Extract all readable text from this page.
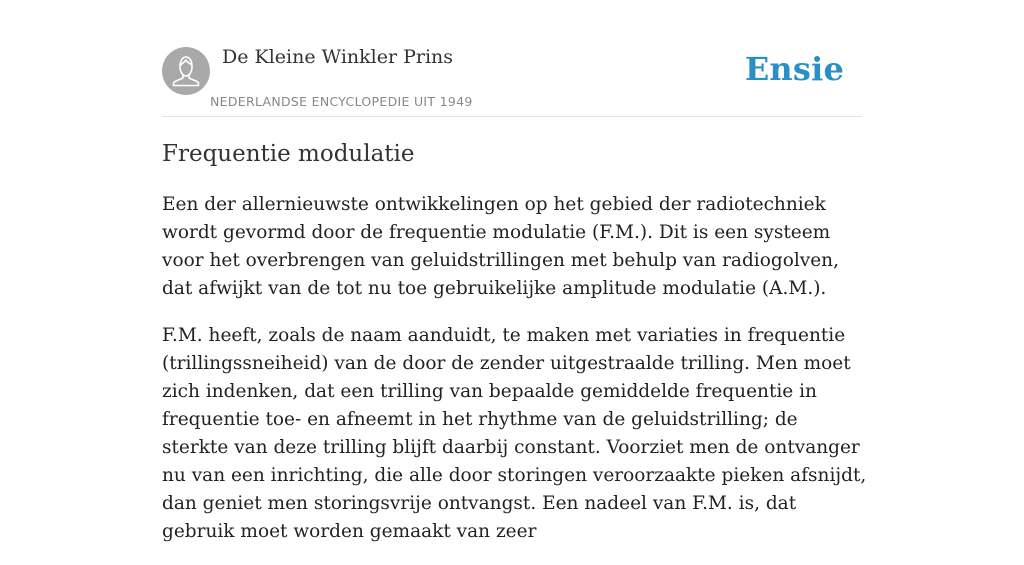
De Kleine Winkler Prins
NEDERLANDSE ENCYCLOPEDIE UIT 1949
Ensie
Frequentie modulatie

Een der allernieuwste ontwikkelingen op het gebied der radiotechniek wordt gevormd door de frequentie modulatie (F.M.). Dit is een systeem voor het overbrengen van geluidstrillingen met behulp van radiogolven, dat afwijkt van de tot nu toe gebruikelijke amplitude modulatie (A.M.).

F.M. heeft, zoals de naam aanduidt, te maken met variaties in frequentie (trillingssneiheid) van de door de zender uitgestraalde trilling. Men moet zich indenken, dat een trilling van bepaalde gemiddelde frequentie in frequentie toe- en afneemt in het rhythme van de geluidstrilling; de sterkte van deze trilling blijft daarbij constant. Voorziet men de ontvanger nu van een inrichting, die alle door storingen veroorzaakte pieken afsnijdt, dan geniet men storingsvrije ontvangst. Een nadeel van F.M. is, dat gebruik moet worden gemaakt van zeer
